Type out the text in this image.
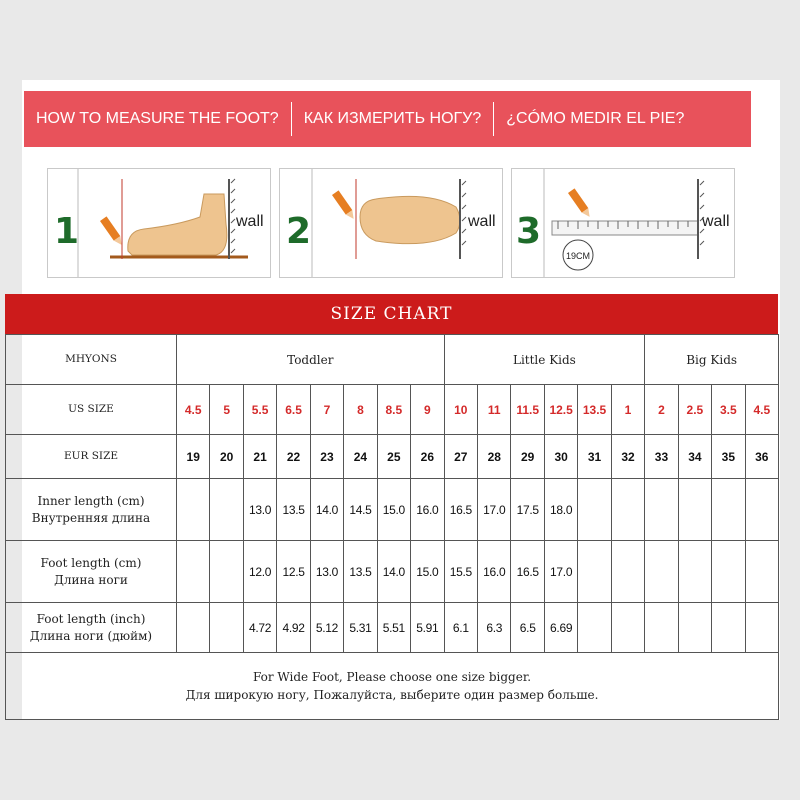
HOW TO MEASURE THE FOOT?	КАК ИЗМЕРИТЬ НОГУ?	¿CÓMO MEDIR EL PIE?
1	wall 2	wall 3
19CM
wall
SIZE CHART
MHYONS	Toddler								Little Kids						Big Kids			
US SIZE	4.5	5	5.5	6.5	7	8	8.5	9	10	11	11.5	12.5	13.5	1	2	2.5	3.5	4.5
EUR SIZE	19	20	21	22	23	24	25	26	27	28	29	30	31	32	33	34	35	36

Inner length (cm)
Внутренняя длина			13.0	13.5	14.0	14.5	15.0	16.0	16.5	17.0	17.5	18.0						

Foot length (cm)
Длина ноги			12.0	12.5	13.0	13.5	14.0	15.0	15.5	16.0	16.5	17.0						

Foot length (inch)
Длина ноги (дюйм)			4.72	4.92	5.12	5.31	5.51	5.91	6.1	6.3	6.5	6.69						

For Wide Foot, Please choose one size bigger.
Для широкую ногу, Пожалуйста, выберите один размер больше.																		
